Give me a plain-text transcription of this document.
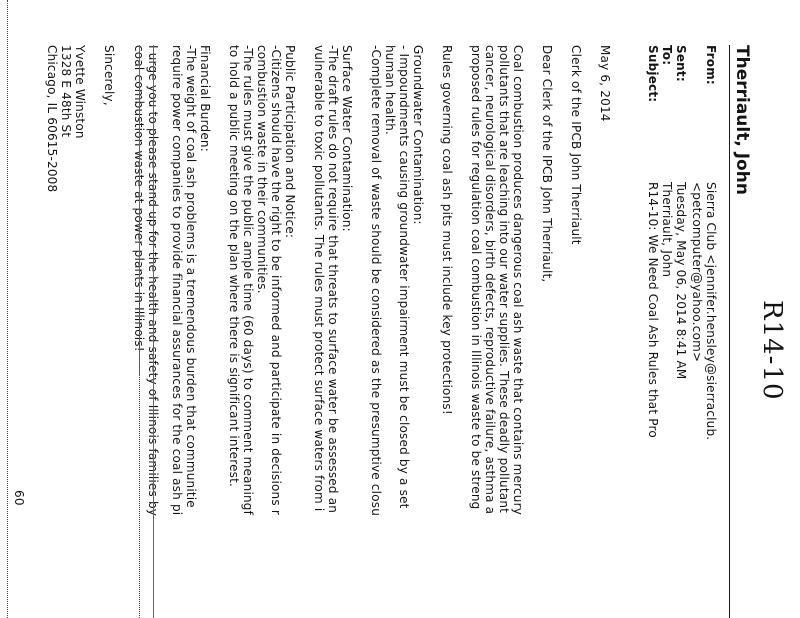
R14-10
Therriault, John
From:
Sent:
To:
Subject:
Sierra Club <jennifer.hensley@sierraclub.
<petcomputer@yahoo.com>
Tuesday, May 06, 2014 8:41 AM
Therriault, John
R14-10: We Need Coal Ash Rules that Pro
May 6, 2014
Clerk of the IPCB John Therriault
Dear Clerk of the IPCB John Therriault,
Coal combustion produces dangerous coal ash waste that contains mercury
pollutants that are leaching into our water supplies. These deadly pollutant
cancer, neurological disorders, birth defects, reproductive failure, asthma a
proposed rules for regulation coal combustion in Illinois waste to be streng
Rules governing coal ash pits must include key protections!
Groundwater Contamination:
- Impoundments causing groundwater impairment must be closed by a set
human health.
-Complete removal of waste should be considered as the presumptive closu
Surface Water Contamination:
-The draft rules do not require that threats to surface water be assessed an
vulnerable to toxic pollutants. The rules must protect surface waters from i
Public Participation and Notice:
-Citizens should have the right to be informed and participate in decisions r
combustion waste in their communities.
-The rules must give the public ample time (60 days) to comment meaningf
to hold a public meeting on the plan where there is significant interest.
Financial Burden:
-The weight of coal ash problems is a tremendous burden that communitie
require power companies to provide financial assurances for the coal ash pi
I urge you to please stand up for the health and safety of Illinois families by
coal combustion waste at power plants in Illinois!
Sincerely,
Yvette Winston
1328 E 48th St
Chicago, IL 60615-2008
60
